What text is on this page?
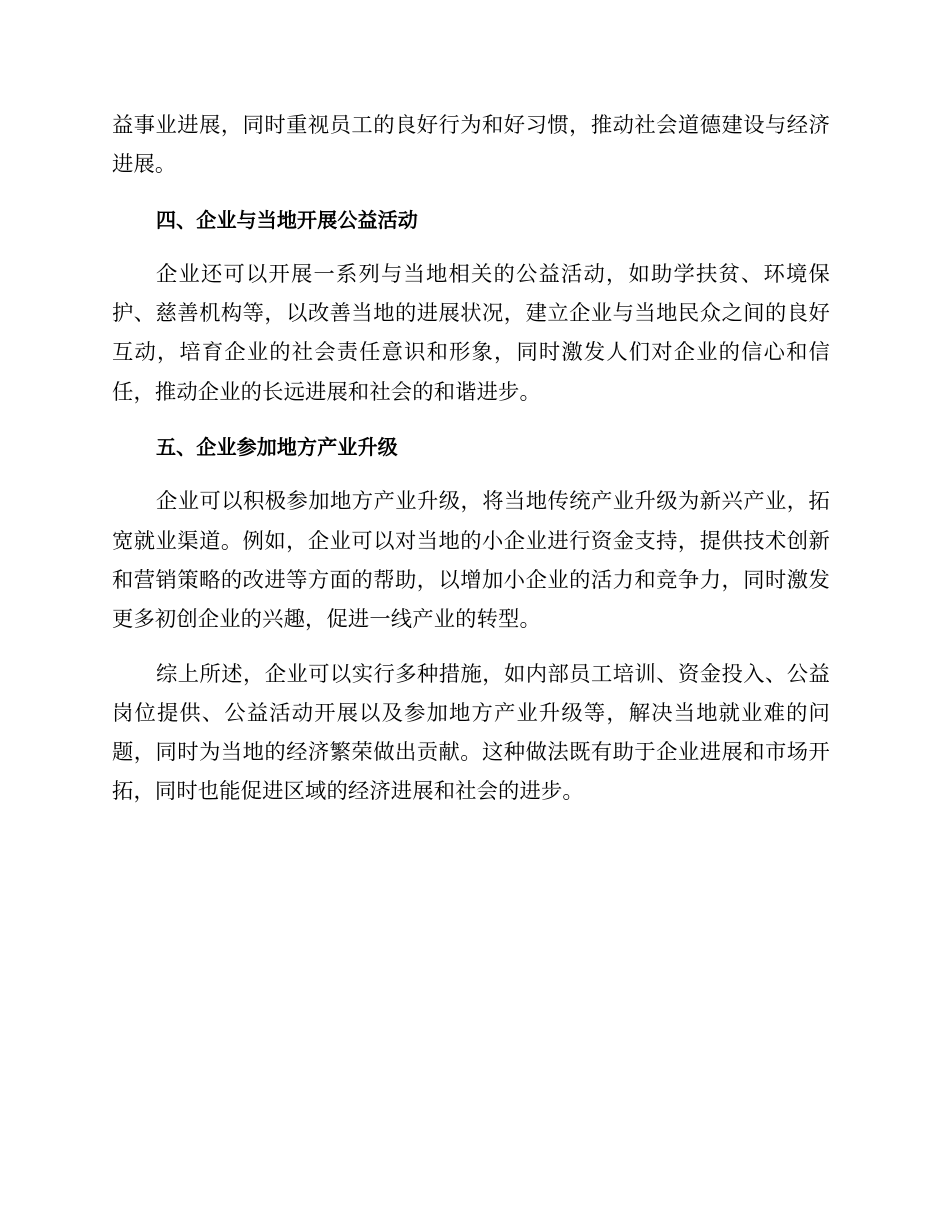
益事业进展，同时重视员工的良好行为和好习惯，推动社会道德建设与经济进展。

四、企业与当地开展公益活动

企业还可以开展一系列与当地相关的公益活动，如助学扶贫、环境保护、慈善机构等，以改善当地的进展状况，建立企业与当地民众之间的良好互动，培育企业的社会责任意识和形象，同时激发人们对企业的信心和信任，推动企业的长远进展和社会的和谐进步。

五、企业参加地方产业升级

企业可以积极参加地方产业升级，将当地传统产业升级为新兴产业，拓宽就业渠道。例如，企业可以对当地的小企业进行资金支持，提供技术创新和营销策略的改进等方面的帮助，以增加小企业的活力和竞争力，同时激发更多初创企业的兴趣，促进一线产业的转型。

综上所述，企业可以实行多种措施，如内部员工培训、资金投入、公益岗位提供、公益活动开展以及参加地方产业升级等，解决当地就业难的问题，同时为当地的经济繁荣做出贡献。这种做法既有助于企业进展和市场开拓，同时也能促进区域的经济进展和社会的进步。
